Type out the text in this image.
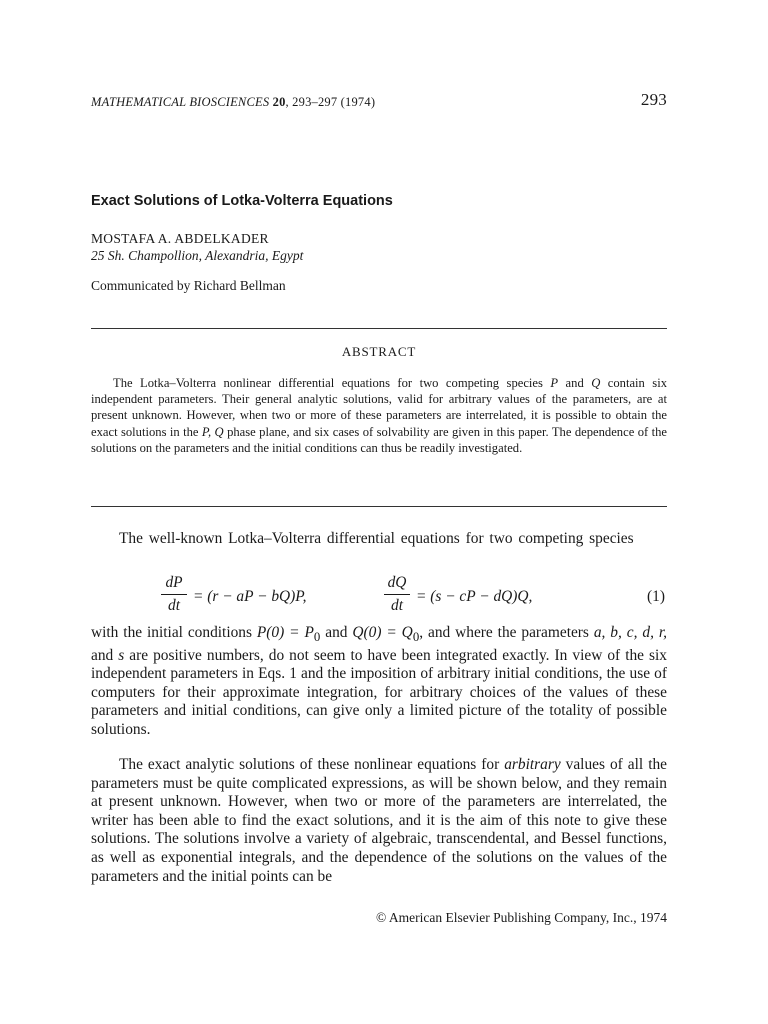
MATHEMATICAL BIOSCIENCES 20, 293–297 (1974)	293
Exact Solutions of Lotka-Volterra Equations
MOSTAFA A. ABDELKADER
25 Sh. Champollion, Alexandria, Egypt
Communicated by Richard Bellman
ABSTRACT
The Lotka–Volterra nonlinear differential equations for two competing species P and Q contain six independent parameters. Their general analytic solutions, valid for arbitrary values of the parameters, are at present unknown. However, when two or more of these parameters are interrelated, it is possible to obtain the exact solutions in the P, Q phase plane, and six cases of solvability are given in this paper. The dependence of the solutions on the parameters and the initial conditions can thus be readily investigated.
The well-known Lotka–Volterra differential equations for two competing species
dP
dt
= (r − aP − bQ)P,
dQ
dt
= (s − cP − dQ)Q,	(1)
with the initial conditions $P(0) = P_0$ and $Q(0) = Q_0$, and where the parameters a, b, c, d, r, and s are positive numbers, do not seem to have been integrated exactly. In view of the six independent parameters in Eqs. 1 and the imposition of arbitrary initial conditions, the use of computers for their approximate integration, for arbitrary choices of the values of these parameters and initial conditions, can give only a limited picture of the totality of possible solutions.
The exact analytic solutions of these nonlinear equations for arbitrary values of all the parameters must be quite complicated expressions, as will be shown below, and they remain at present unknown. However, when two or more of the parameters are interrelated, the writer has been able to find the exact solutions, and it is the aim of this note to give these solutions. The solutions involve a variety of algebraic, transcendental, and Bessel functions, as well as exponential integrals, and the dependence of the solutions on the values of the parameters and the initial points can be
© American Elsevier Publishing Company, Inc., 1974
